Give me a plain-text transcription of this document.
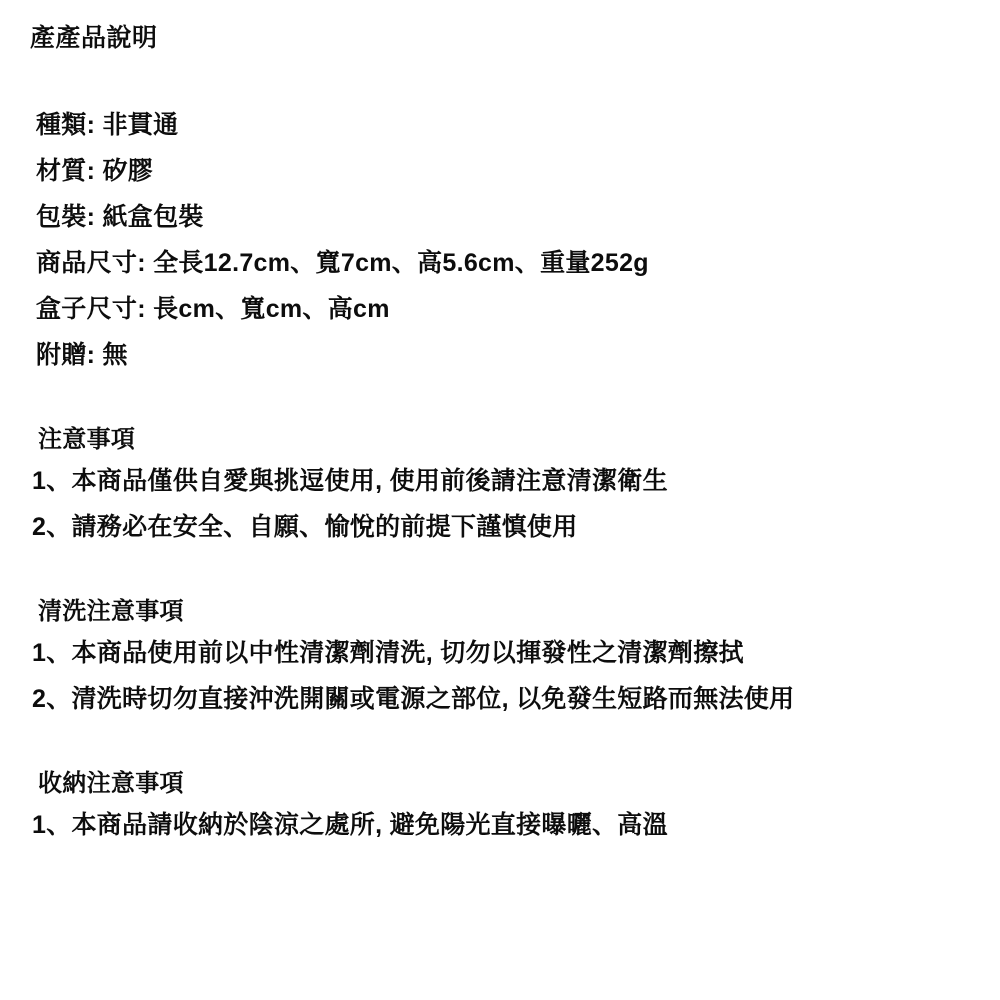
產產品說明
種類: 非貫通
材質: 矽膠
包裝: 紙盒包裝
商品尺寸: 全長12.7cm、寬7cm、高5.6cm、重量252g
盒子尺寸: 長cm、寬cm、高cm
附贈: 無
注意事項
1、本商品僅供自愛與挑逗使用, 使用前後請注意清潔衛生
2、請務必在安全、自願、愉悅的前提下謹慎使用
清洗注意事項
1、本商品使用前以中性清潔劑清洗, 切勿以揮發性之清潔劑擦拭
2、清洗時切勿直接沖洗開關或電源之部位, 以免發生短路而無法使用
收納注意事項
1、本商品請收納於陰涼之處所, 避免陽光直接曝曬、高溫
